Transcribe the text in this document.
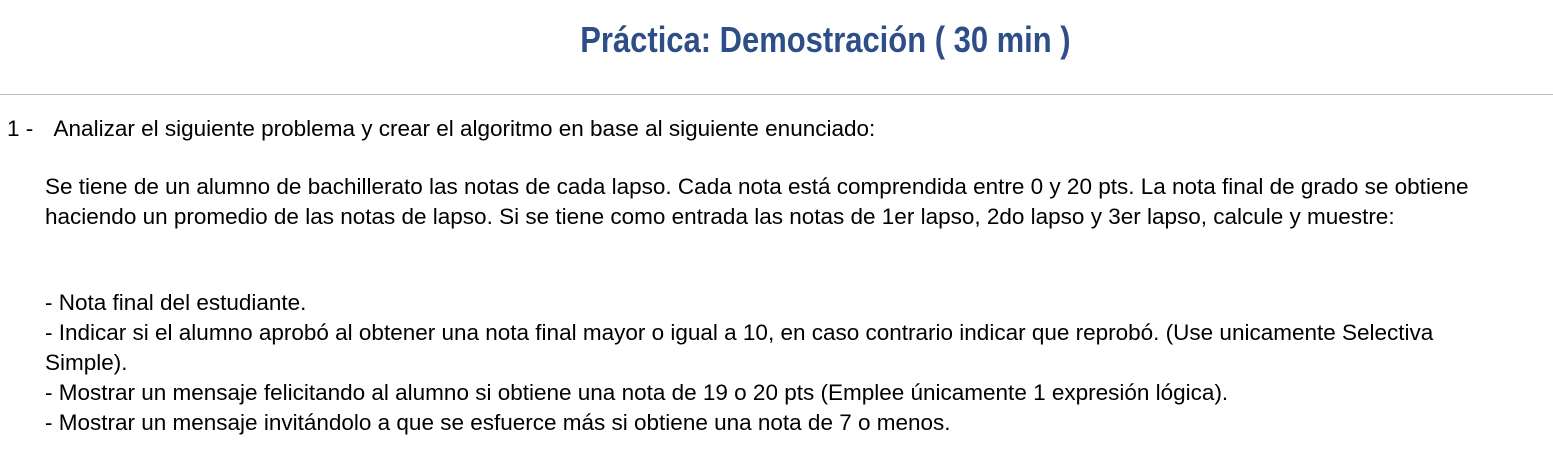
Práctica: Demostración ( 30 min )
1 - Analizar el siguiente problema y crear el algoritmo en base al siguiente enunciado:

Se tiene de un alumno de bachillerato las notas de cada lapso. Cada nota está comprendida entre 0 y 20 pts. La nota final de grado se obtiene haciendo un promedio de las notas de lapso. Si se tiene como entrada las notas de 1er lapso, 2do lapso y 3er lapso, calcule y muestre:

- Nota final del estudiante.

- Indicar si el alumno aprobó al obtener una nota final mayor o igual a 10, en caso contrario indicar que reprobó. (Use unicamente Selectiva Simple).

- Mostrar un mensaje felicitando al alumno si obtiene una nota de 19 o 20 pts (Emplee únicamente 1 expresión lógica).

- Mostrar un mensaje invitándolo a que se esfuerce más si obtiene una nota de 7 o menos.
